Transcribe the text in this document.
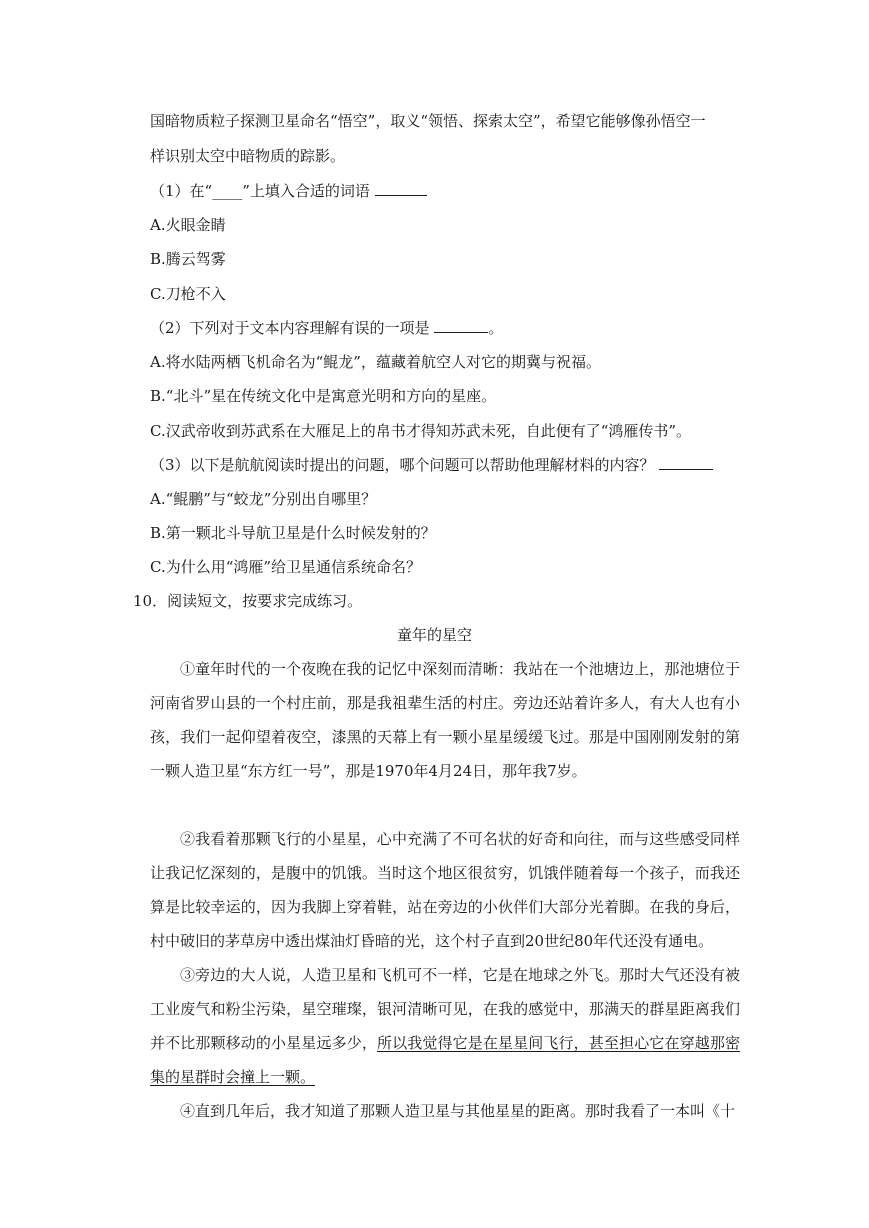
国暗物质粒子探测卫星命名“悟空”，取义“领悟、探索太空”，希望它能够像孙悟空一
样识别太空中暗物质的踪影。
（1）在“____”上填入合适的词语
A.火眼金睛
B.腾云驾雾
C.刀枪不入
（2）下列对于文本内容理解有误的一项是	。
A.将水陆两栖飞机命名为“鲲龙”，蕴藏着航空人对它的期冀与祝福。
B.“北斗”星在传统文化中是寓意光明和方向的星座。
C.汉武帝收到苏武系在大雁足上的帛书才得知苏武未死，自此便有了“鸿雁传书”。
（3）以下是航航阅读时提出的问题，哪个问题可以帮助他理解材料的内容？
A.“鲲鹏”与“蛟龙”分别出自哪里？
B.第一颗北斗导航卫星是什么时候发射的？
C.为什么用“鸿雁”给卫星通信系统命名？
10．阅读短文，按要求完成练习。
童年的星空
①童年时代的一个夜晚在我的记忆中深刻而清晰：我站在一个池塘边上，那池塘位于河南省罗山县的一个村庄前，那是我祖辈生活的村庄。旁边还站着许多人，有大人也有小孩，我们一起仰望着夜空，漆黑的天幕上有一颗小星星缓缓飞过。那是中国刚刚发射的第一颗人造卫星“东方红一号”，那是1970年4月24日，那年我7岁。
②我看着那颗飞行的小星星，心中充满了不可名状的好奇和向往，而与这些感受同样让我记忆深刻的，是腹中的饥饿。当时这个地区很贫穷，饥饿伴随着每一个孩子，而我还算是比较幸运的，因为我脚上穿着鞋，站在旁边的小伙伴们大部分光着脚。在我的身后，村中破旧的茅草房中透出煤油灯昏暗的光，这个村子直到20世纪80年代还没有通电。
③旁边的大人说，人造卫星和飞机可不一样，它是在地球之外飞。那时大气还没有被工业废气和粉尘污染，星空璀璨，银河清晰可见，在我的感觉中，那满天的群星距离我们并不比那颗移动的小星星远多少，所以我觉得它是在星星间飞行，甚至担心它在穿越那密集的星群时会撞上一颗。
④直到几年后，我才知道了那颗人造卫星与其他星星的距离。那时我看了一本叫《十
